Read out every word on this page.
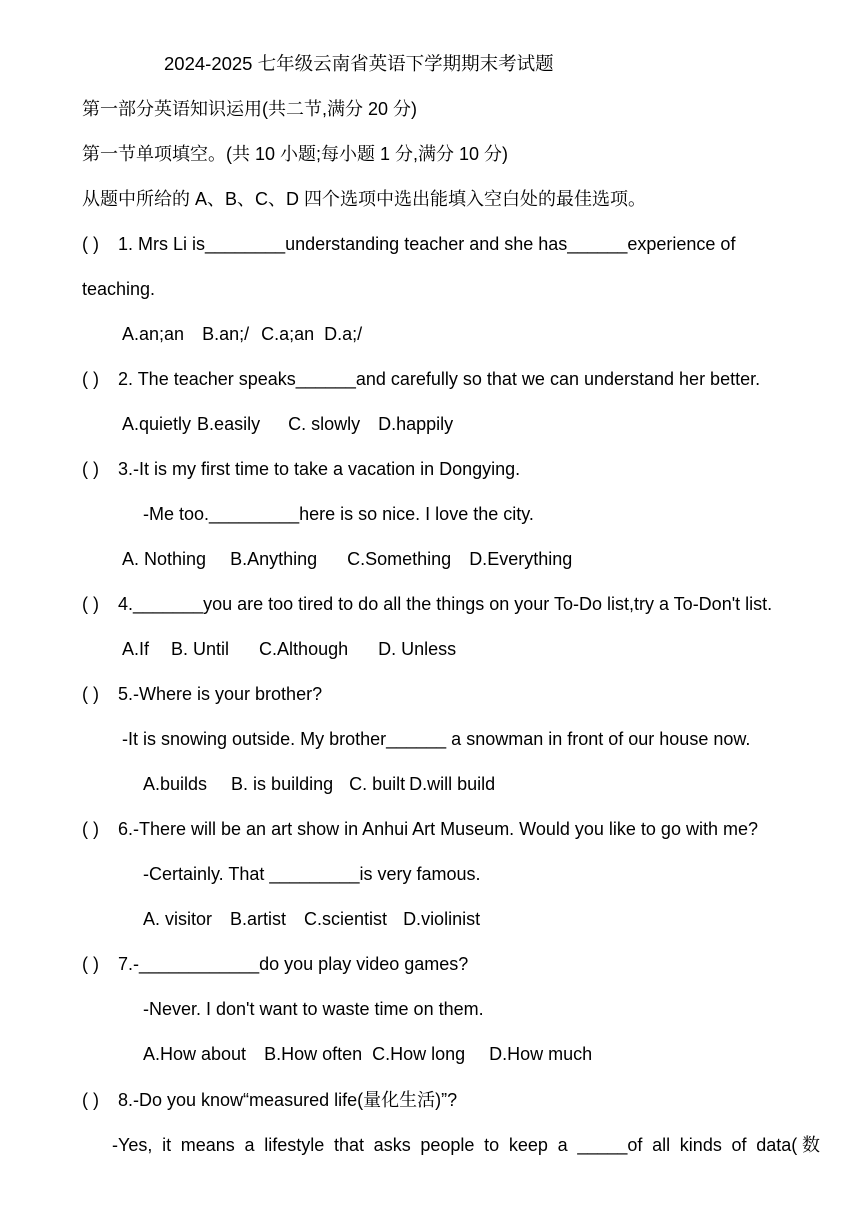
2024-2025 七年级云南省英语下学期期末考试题
第一部分英语知识运用(共二节,满分 20 分)
第一节单项填空。(共 10 小题;每小题 1 分,满分 10 分)
从题中所给的 A、B、C、D 四个选项中选出能填入空白处的最佳选项。
( ) 1. Mrs Li is________understanding teacher and she has______experience of
teaching.
A.an;an B.an;/ C.a;an D.a;/
( ) 2. The teacher speaks______and carefully so that we can understand her better.
A.quietly B.easily C. slowly D.happily
( ) 3.-It is my first time to take a vacation in Dongying.
-Me too._________here is so nice. I love the city.
A. Nothing B.Anything C.Something D.Everything
( ) 4._______you are too tired to do all the things on your To-Do list,try a To-Don't list.
A.If B. Until C.Although D. Unless
( ) 5.-Where is your brother?
-It is snowing outside. My brother______ a snowman in front of our house now.
A.builds B. is building C. built D.will build
( ) 6.-There will be an art show in Anhui Art Museum. Would you like to go with me?
-Certainly. That _________is very famous.
A. visitor B.artist C.scientist D.violinist
( ) 7.-____________do you play video games?
-Never. I don't want to waste time on them.
A.How about B.How often C.How long D.How much
( ) 8.-Do you know“measured life(量化生活)”?
-Yes, it means a lifestyle that asks people to keep a _____of all kinds of data(数
